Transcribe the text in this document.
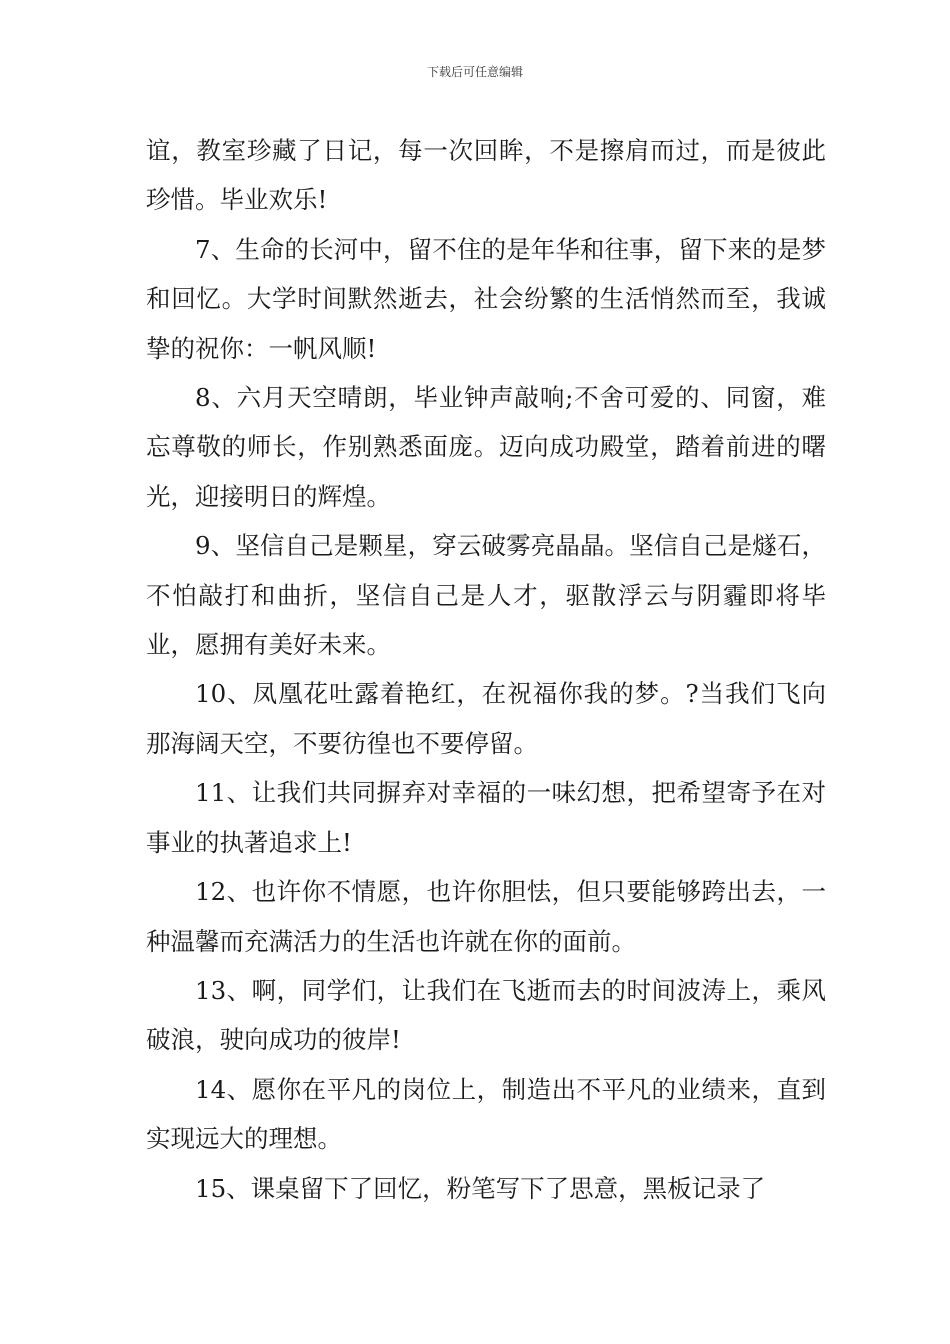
下载后可任意编辑

谊，教室珍藏了日记，每一次回眸，不是擦肩而过，而是彼此珍惜。毕业欢乐!

7、生命的长河中，留不住的是年华和往事，留下来的是梦和回忆。大学时间默然逝去，社会纷繁的生活悄然而至，我诚挚的祝你：一帆风顺!

8、六月天空晴朗，毕业钟声敲响;不舍可爱的、同窗，难忘尊敬的师长，作别熟悉面庞。迈向成功殿堂，踏着前进的曙光，迎接明日的辉煌。

9、坚信自己是颗星，穿云破雾亮晶晶。坚信自己是燧石，不怕敲打和曲折，坚信自己是人才，驱散浮云与阴霾即将毕业，愿拥有美好未来。

10、凤凰花吐露着艳红，在祝福你我的梦。?当我们飞向那海阔天空，不要彷徨也不要停留。

11、让我们共同摒弃对幸福的一味幻想，把希望寄予在对事业的执著追求上!

12、也许你不情愿，也许你胆怯，但只要能够跨出去，一种温馨而充满活力的生活也许就在你的面前。

13、啊，同学们，让我们在飞逝而去的时间波涛上，乘风破浪，驶向成功的彼岸!

14、愿你在平凡的岗位上，制造出不平凡的业绩来，直到实现远大的理想。

15、课桌留下了回忆，粉笔写下了思意，黑板记录了
